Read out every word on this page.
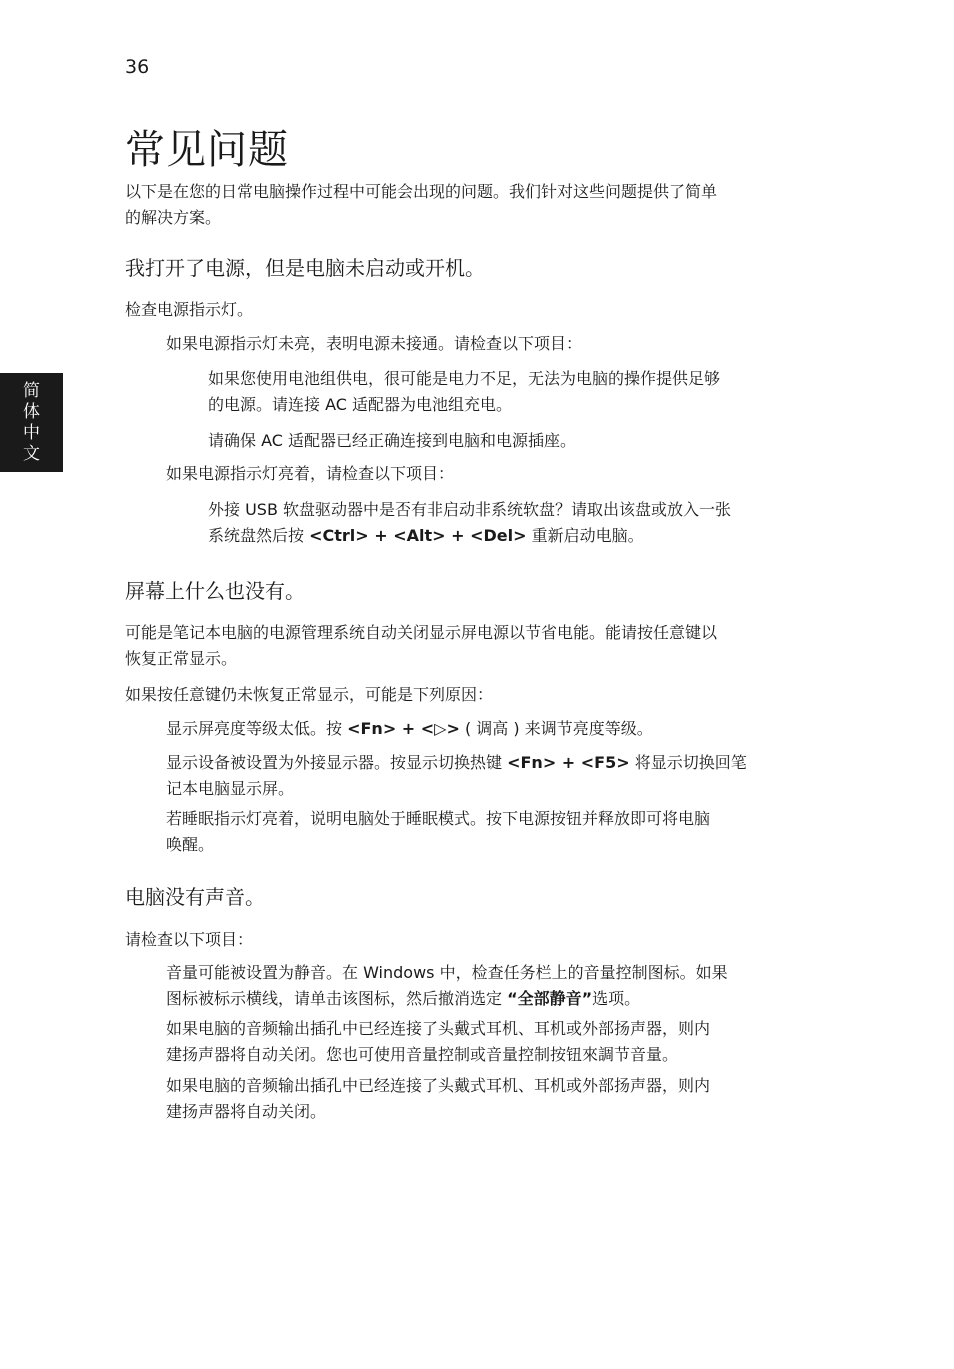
36
常见问题
简
体
中
文

以下是在您的日常电脑操作过程中可能会出现的问题。我们针对这些问题提供了简单

的解决方案。

我打开了电源，但是电脑未启动或开机。

检查电源指示灯。

如果电源指示灯未亮，表明电源未接通。请检查以下项目：

如果您使用电池组供电，很可能是电力不足，无法为电脑的操作提供足够

的电源。请连接 AC 适配器为电池组充电。

请确保 AC 适配器已经正确连接到电脑和电源插座。

如果电源指示灯亮着，请检查以下项目：

外接 USB 软盘驱动器中是否有非启动非系统软盘？请取出该盘或放入一张

系统盘然后按 <Ctrl> + <Alt> + <Del> 重新启动电脑。

屏幕上什么也没有。

可能是笔记本电脑的电源管理系统自动关闭显示屏电源以节省电能。能请按任意键以

恢复正常显示。

如果按任意键仍未恢复正常显示，可能是下列原因：

显示屏亮度等级太低。按 <Fn> + <▷> ( 调高 ) 来调节亮度等级。

显示设备被设置为外接显示器。按显示切换热键 <Fn> + <F5> 将显示切换回笔

记本电脑显示屏。

若睡眠指示灯亮着，说明电脑处于睡眠模式。按下电源按钮并释放即可将电脑

唤醒。

电脑没有声音。

请检查以下项目：

音量可能被设置为静音。在 Windows 中，检查任务栏上的音量控制图标。如果

图标被标示横线，请单击该图标，然后撤消选定 “全部静音”选项。

如果电脑的音频输出插孔中已经连接了头戴式耳机、耳机或外部扬声器，则内

建扬声器将自动关闭。您也可使用音量控制或音量控制按钮來調节音量。

如果电脑的音频输出插孔中已经连接了头戴式耳机、耳机或外部扬声器，则内

建扬声器将自动关闭。
